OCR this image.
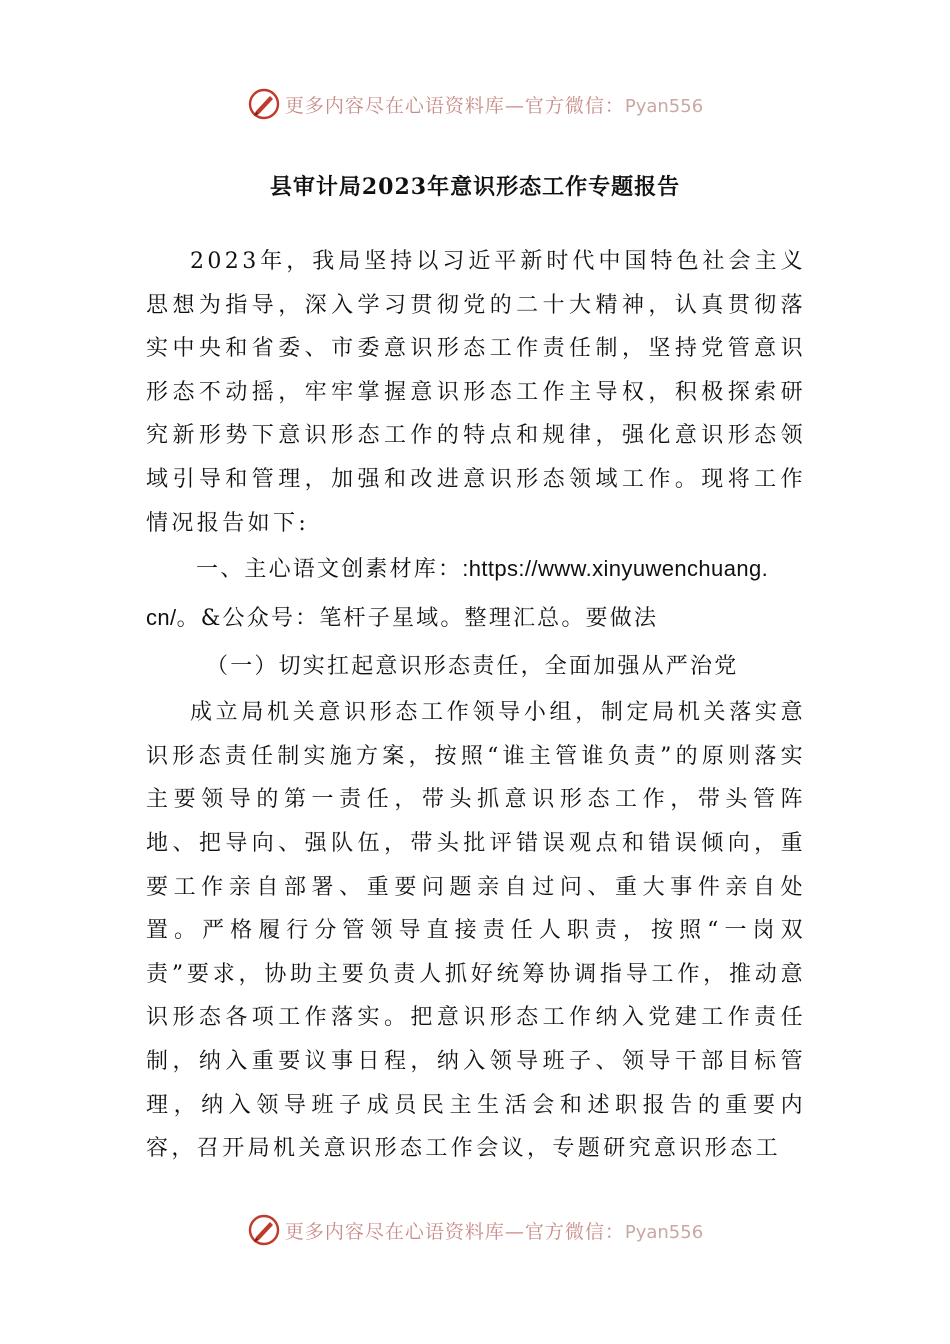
更多内容尽在心语资料库—官方微信：Pyan556
县审计局2023年意识形态工作专题报告

2023年，我局坚持以习近平新时代中国特色社会主义思想为指导，深入学习贯彻党的二十大精神，认真贯彻落实中央和省委、市委意识形态工作责任制，坚持党管意识形态不动摇，牢牢掌握意识形态工作主导权，积极探索研究新形势下意识形态工作的特点和规律，强化意识形态领域引导和管理，加强和改进意识形态领域工作。现将工作情况报告如下:

一、主心语文创素材库：:https://www.xinyuwenchuang.

cn/。&公众号：笔杆子星域。整理汇总。要做法

（一）切实扛起意识形态责任，全面加强从严治党

成立局机关意识形态工作领导小组，制定局机关落实意识形态责任制实施方案，按照“谁主管谁负责”的原则落实主要领导的第一责任，带头抓意识形态工作，带头管阵地、把导向、强队伍，带头批评错误观点和错误倾向，重要工作亲自部署、重要问题亲自过问、重大事件亲自处置。严格履行分管领导直接责任人职责，按照“一岗双责”要求，协助主要负责人抓好统筹协调指导工作，推动意识形态各项工作落实。把意识形态工作纳入党建工作责任制，纳入重要议事日程，纳入领导班子、领导干部目标管理，纳入领导班子成员民主生活会和述职报告的重要内容，召开局机关意识形态工作会议，专题研究意识形态工

更多内容尽在心语资料库—官方微信：Pyan556
